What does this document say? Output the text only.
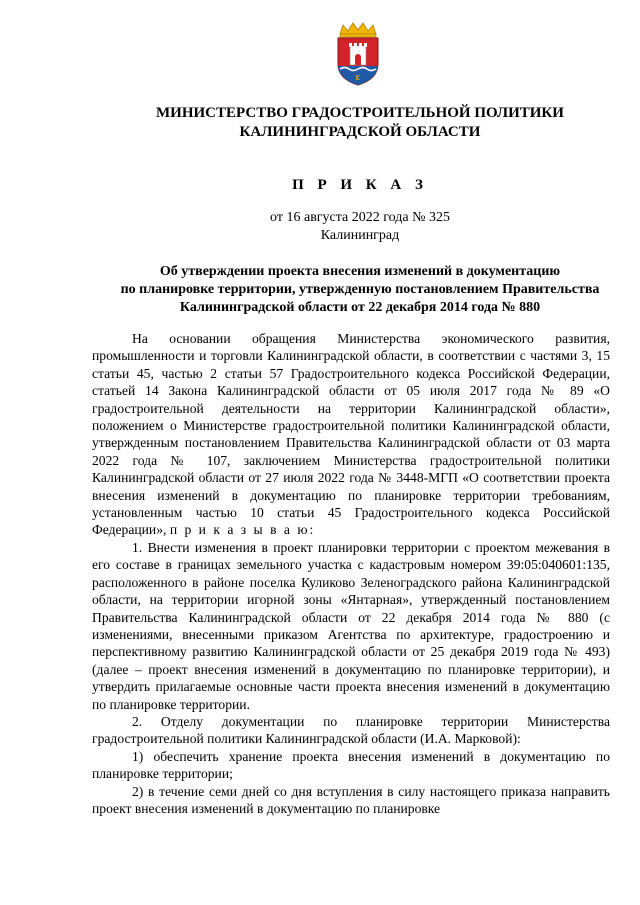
Е
МИНИСТЕРСТВО ГРАДОСТРОИТЕЛЬНОЙ ПОЛИТИКИ
КАЛИНИНГРАДСКОЙ ОБЛАСТИ
П Р И К А З
от 16 августа 2022 года № 325
Калининград
Об утверждении проекта внесения изменений в документацию
по планировке территории, утвержденную постановлением Правительства
Калининградской области от 22 декабря 2014 года № 880

На основании обращения Министерства экономического развития, промышленности и торговли Калининградской области, в соответствии с частями 3, 15 статьи 45, частью 2 статьи 57 Градостроительного кодекса Российской Федерации, статьей 14 Закона Калининградской области от 05 июля 2017 года № 89 «О градостроительной деятельности на территории Калининградской области», положением о Министерстве градостроительной политики Калининградской области, утвержденным постановлением Правительства Калининградской области от 03 марта 2022 года № 107, заключением Министерства градостроительной политики Калининградской области от 27 июля 2022 года № 3448-МГП «О соответствии проекта внесения изменений в документацию по планировке территории требованиям, установленным частью 10 статьи 45 Градостроительного кодекса Российской Федерации», п р и к а з ы в а ю:

1. Внести изменения в проект планировки территории с проектом межевания в его составе в границах земельного участка с кадастровым номером 39:05:040601:135, расположенного в районе поселка Куликово Зеленоградского района Калининградской области, на территории игорной зоны «Янтарная», утвержденный постановлением Правительства Калининградской области от 22 декабря 2014 года № 880 (с изменениями, внесенными приказом Агентства по архитектуре, градостроению и перспективному развитию Калининградской области от 25 декабря 2019 года № 493) (далее – проект внесения изменений в документацию по планировке территории), и утвердить прилагаемые основные части проекта внесения изменений в документацию по планировке территории.

2. Отделу документации по планировке территории Министерства градостроительной политики Калининградской области (И.А. Марковой):

1) обеспечить хранение проекта внесения изменений в документацию по планировке территории;

2) в течение семи дней со дня вступления в силу настоящего приказа направить проект внесения изменений в документацию по планировке
